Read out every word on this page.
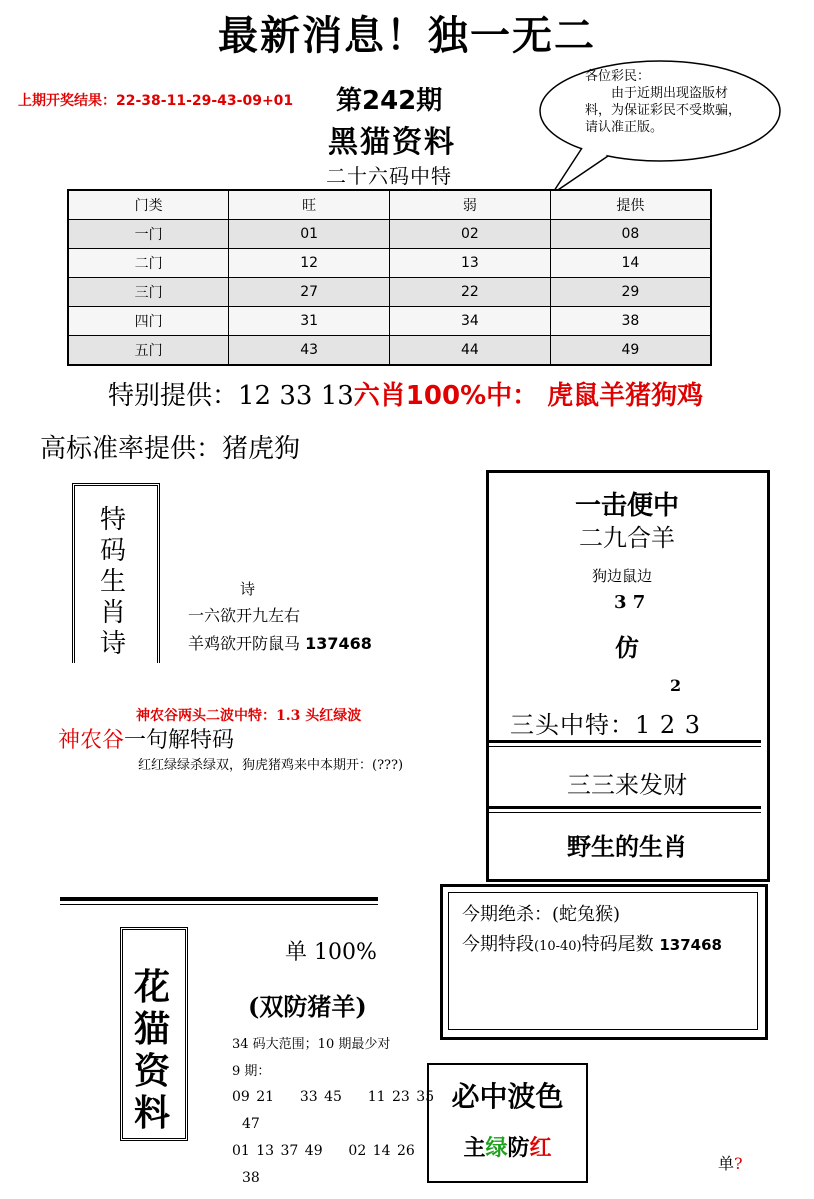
最新消息！独一无二
上期开奖结果：22-38-11-29-43-09+01 第242期
黑猫资料
二十六码中特
各位彩民：
由于近期出现盗版材料，为保证彩民不受欺骗，请认准正版。
门类	旺	弱	提供
一门	01	02	08
二门	12	13	14
三门	27	22	29
四门	31	34	38
五门	43	44	49
特别提供：12 33 13六肖100%中： 虎鼠羊猪狗鸡
高标准率提供：猪虎狗
特
码
生
肖
诗
诗
一六欲开九左右
羊鸡欲开防鼠马 137468
神农谷两头二波中特：1.3 头红绿波
神农谷一句解特码
红红绿绿杀绿双，狗虎猪鸡来中本期开：(???)
一击便中
二九合羊
狗边鼠边
3 7
仿
2
三头中特：1 2 3
三三来发财
野生的生肖
今期绝杀：(蛇兔猴)
今期特段(10-40)特码尾数 137468
花
猫
资
料
单 100%
(双防猪羊)
34 码大范围；10 期最少对
9 期：
09 21    33 45    11 23 35
47
01 13 37 49    02 14 26
38
必中波色
主绿防红
单?
